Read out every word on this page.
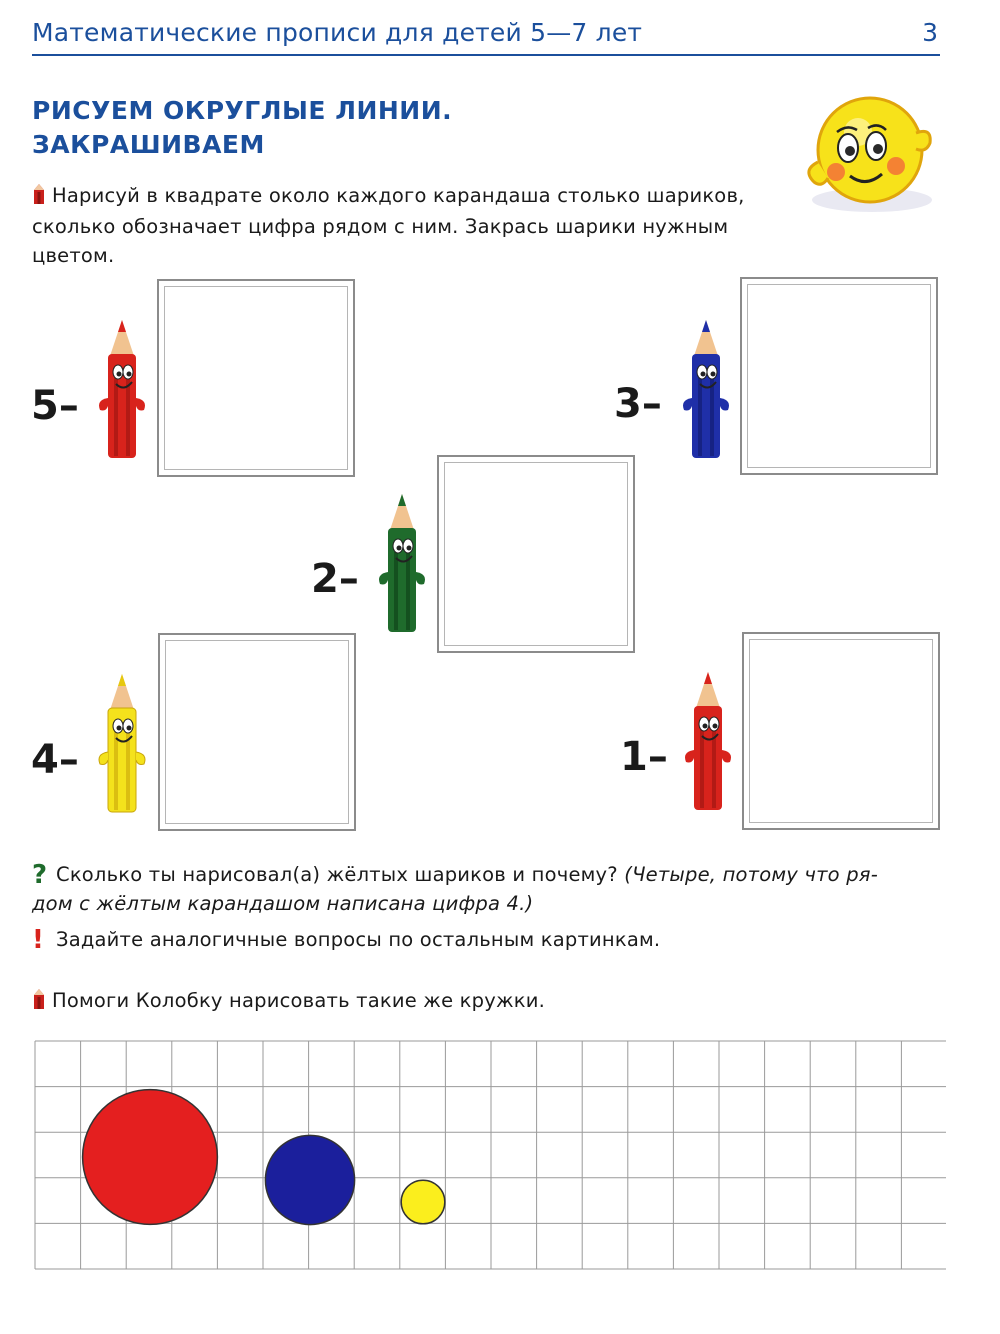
Математические прописи для детей 5—7 лет	3
РИСУЕМ ОКРУГЛЫЕ ЛИНИИ.
ЗАКРАШИВАЕМ
Нарисуй в квадрате около каждого карандаша столько шариков, сколько обозначает цифра рядом с ним. Закрась шарики нужным цветом.
5–	3–
2–
4–	1–
? Сколько ты нарисовал(а) жёлтых шариков и почему? (Четыре, потому что ря-
дом с жёлтым карандашом написана цифра 4.)
! Задайте аналогичные вопросы по остальным картинкам.
Помоги Колобку нарисовать такие же кружки.
